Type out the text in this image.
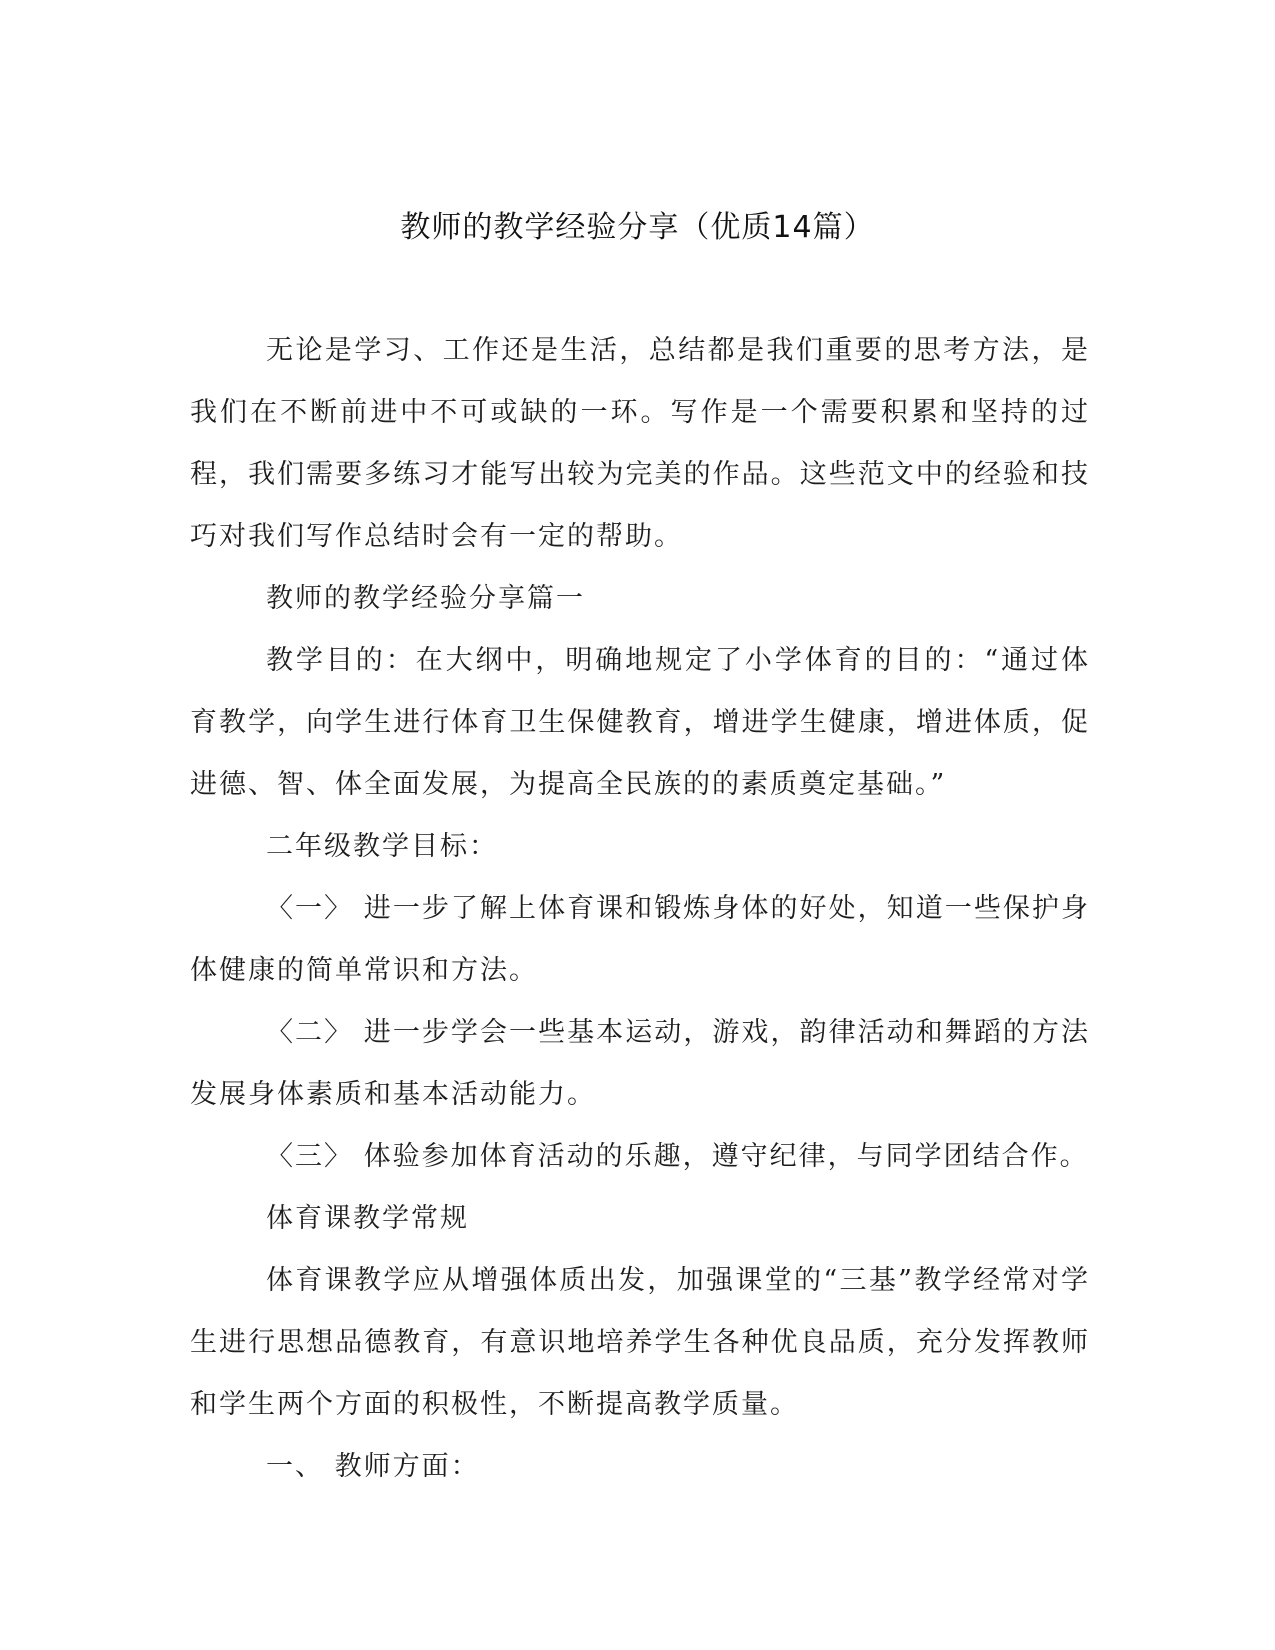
教师的教学经验分享（优质14篇）

无论是学习、工作还是生活，总结都是我们重要的思考方法，是我们在不断前进中不可或缺的一环。写作是一个需要积累和坚持的过程，我们需要多练习才能写出较为完美的作品。这些范文中的经验和技巧对我们写作总结时会有一定的帮助。

教师的教学经验分享篇一

教学目的：在大纲中，明确地规定了小学体育的目的：“通过体育教学，向学生进行体育卫生保健教育，增进学生健康，增进体质，促进德、智、体全面发展，为提高全民族的的素质奠定基础。”

二年级教学目标：

〈一〉 进一步了解上体育课和锻炼身体的好处，知道一些保护身体健康的简单常识和方法。

〈二〉 进一步学会一些基本运动，游戏，韵律活动和舞蹈的方法发展身体素质和基本活动能力。

〈三〉 体验参加体育活动的乐趣，遵守纪律，与同学团结合作。

体育课教学常规

体育课教学应从增强体质出发，加强课堂的“三基”教学经常对学生进行思想品德教育，有意识地培养学生各种优良品质，充分发挥教师和学生两个方面的积极性，不断提高教学质量。

一、 教师方面：
